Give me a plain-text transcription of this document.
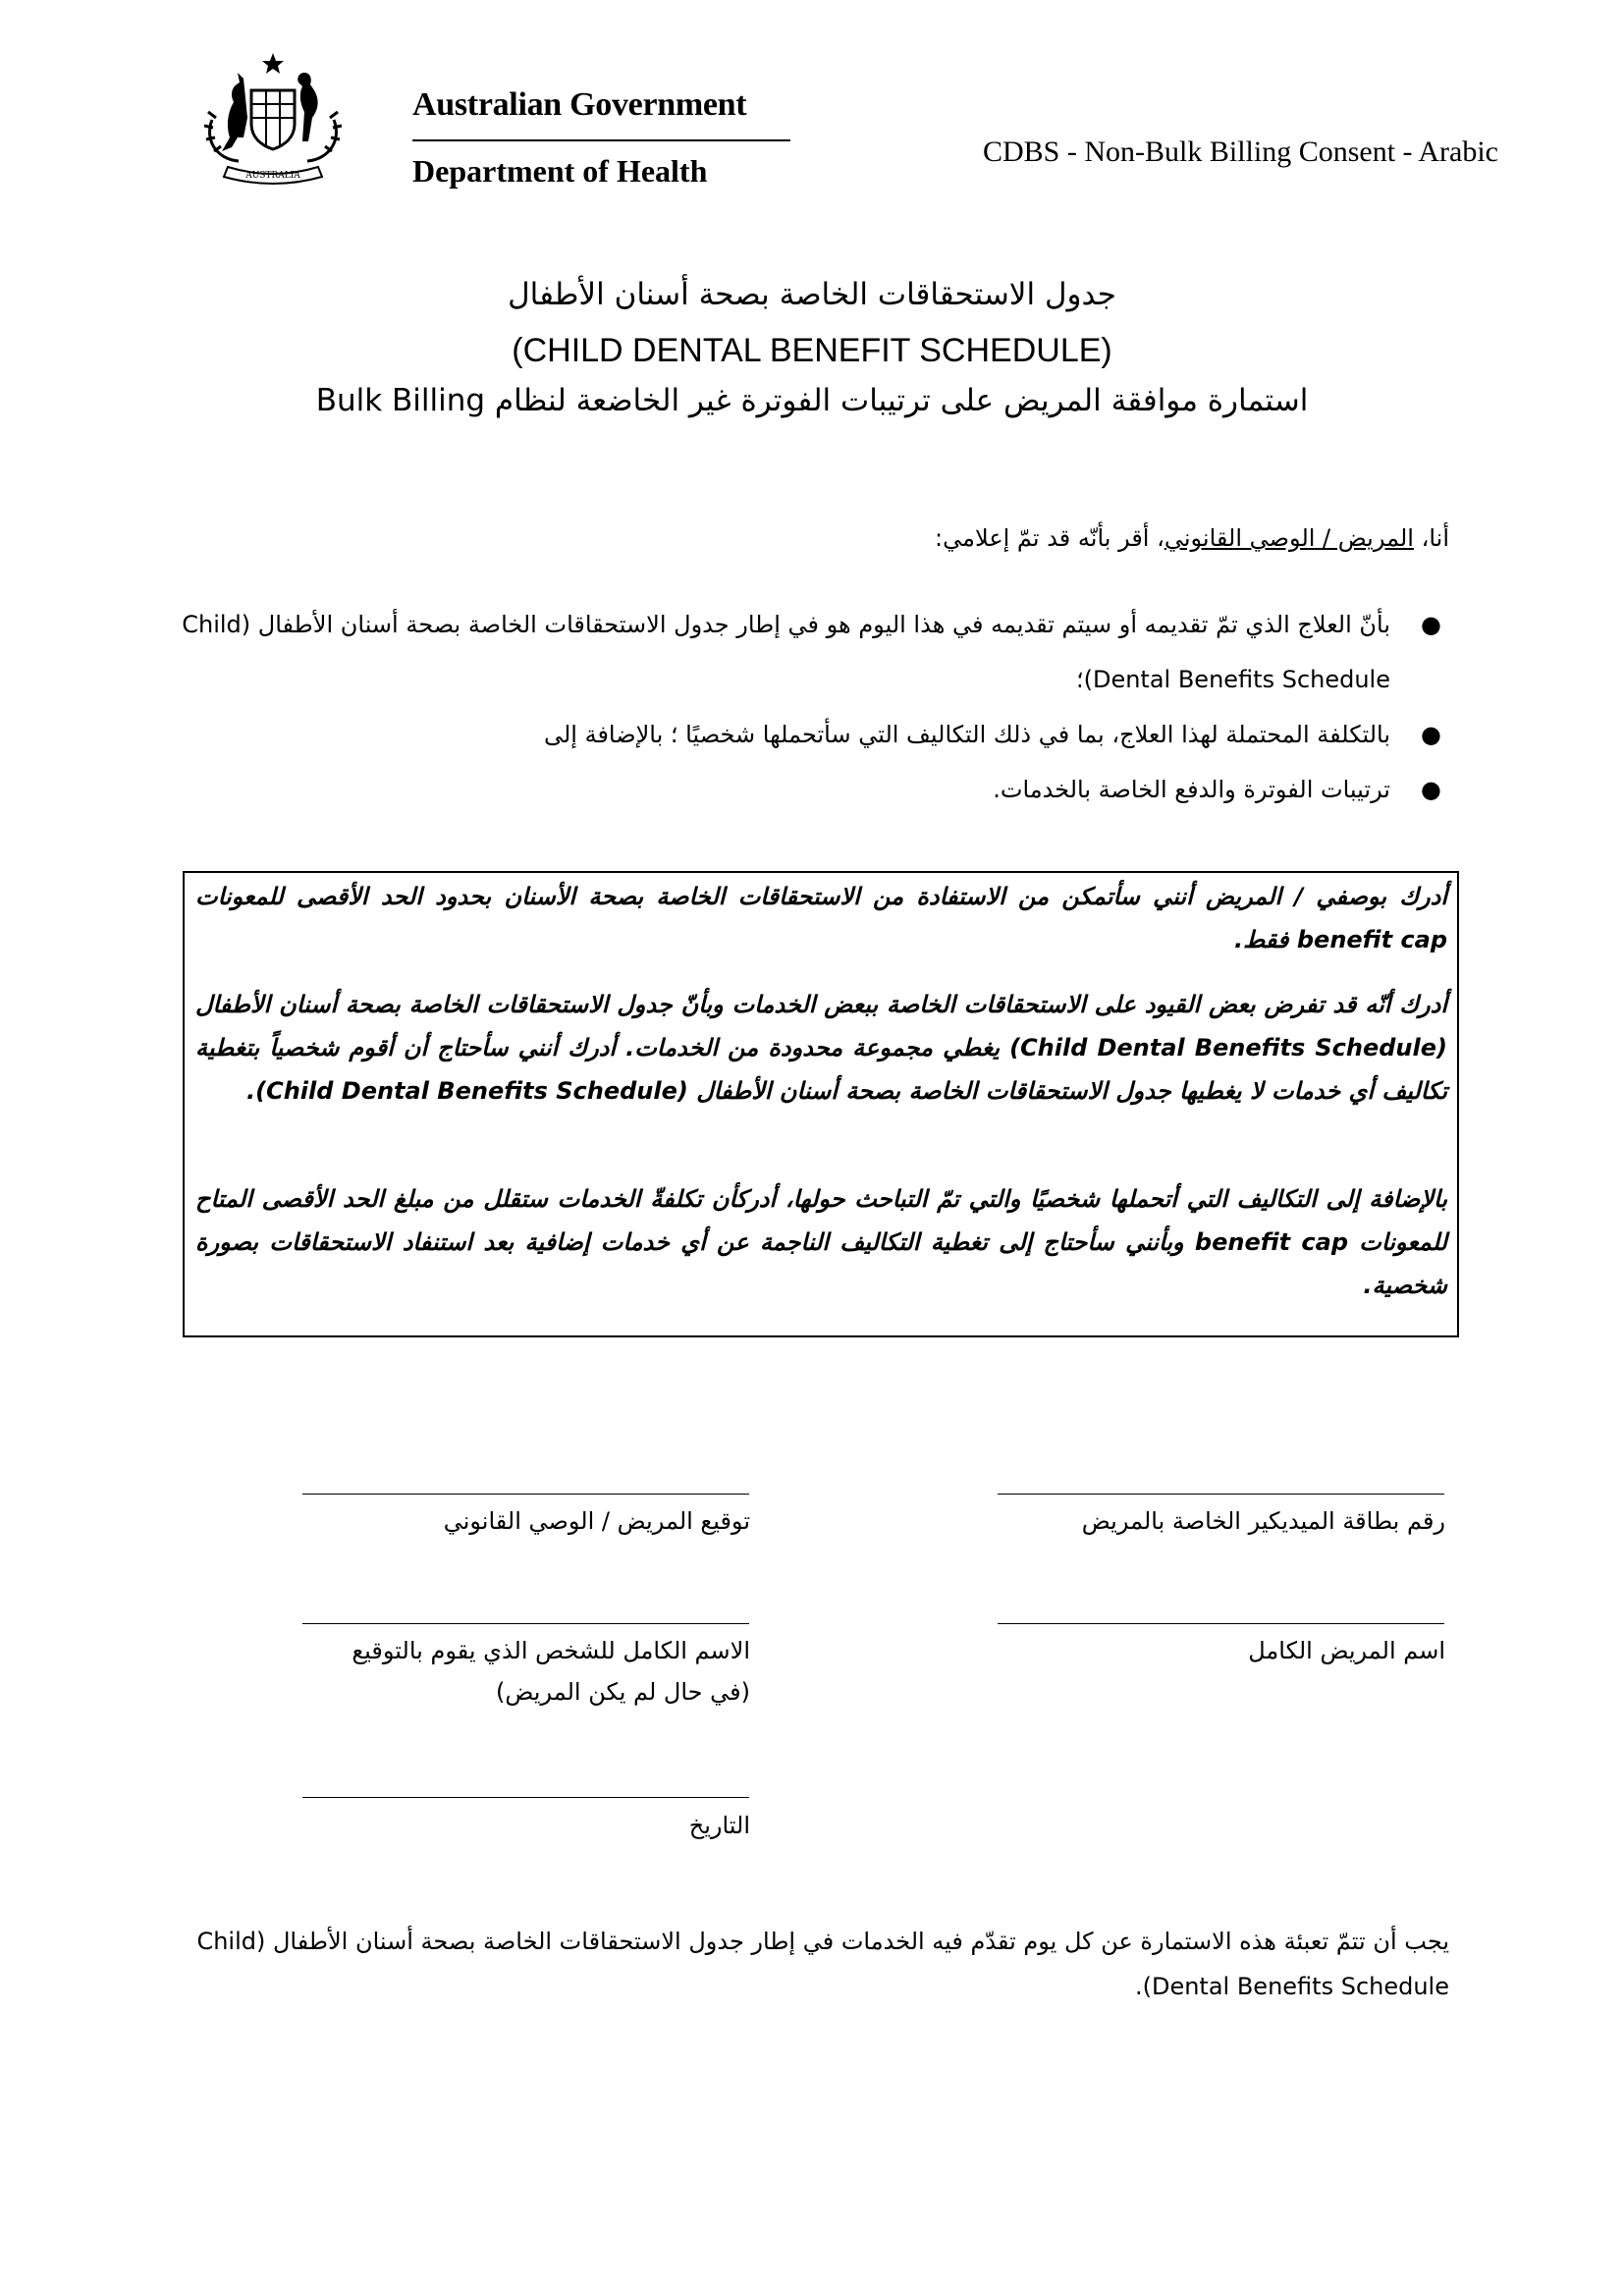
AUSTRALIA
Australian Government
Department of Health
CDBS - Non-Bulk Billing Consent - Arabic
جدول الاستحقاقات الخاصة بصحة أسنان الأطفال
(CHILD DENTAL BENEFIT SCHEDULE)
استمارة موافقة المريض على ترتيبات الفوترة غير الخاضعة لنظام Bulk Billing
أنا، المريض / الوصي القانوني، أقر بأنّه قد تمّ إعلامي:
●
بأنّ العلاج الذي تمّ تقديمه أو سيتم تقديمه في هذا اليوم هو في إطار جدول الاستحقاقات الخاصة بصحة أسنان الأطفال (Child Dental Benefits Schedule)؛
●
بالتكلفة المحتملة لهذا العلاج، بما في ذلك التكاليف التي سأتحملها شخصيًا ؛ بالإضافة إلى
●
ترتيبات الفوترة والدفع الخاصة بالخدمات.
أدرك بوصفي / المريض أنني سأتمكن من الاستفادة من الاستحقاقات الخاصة بصحة الأسنان بحدود الحد الأقصى للمعونات benefit cap فقط.
أدرك أنّه قد تفرض بعض القيود على الاستحقاقات الخاصة ببعض الخدمات وبأنّ جدول الاستحقاقات الخاصة بصحة أسنان الأطفال (Child Dental Benefits Schedule) يغطي مجموعة محدودة من الخدمات. أدرك أنني سأحتاج أن أقوم شخصياً بتغطية تكاليف أي خدمات لا يغطيها جدول الاستحقاقات الخاصة بصحة أسنان الأطفال (Child Dental Benefits Schedule).
بالإضافة إلى التكاليف التي أتحملها شخصيًا والتي تمّ التباحث حولها، أدركأن تكلفةّ الخدمات ستقلل من مبلغ الحد الأقصى المتاح للمعونات benefit cap وبأنني سأحتاج إلى تغطية التكاليف الناجمة عن أي خدمات إضافية بعد استنفاد الاستحقاقات بصورة شخصية.
توقيع المريض / الوصي القانوني	رقم بطاقة الميديكير الخاصة بالمريض
الاسم الكامل للشخص الذي يقوم بالتوقيع
(في حال لم يكن المريض)
اسم المريض الكامل
التاريخ
يجب أن تتمّ تعبئة هذه الاستمارة عن كل يوم تقدّم فيه الخدمات في إطار جدول الاستحقاقات الخاصة بصحة أسنان الأطفال (Child Dental Benefits Schedule).
